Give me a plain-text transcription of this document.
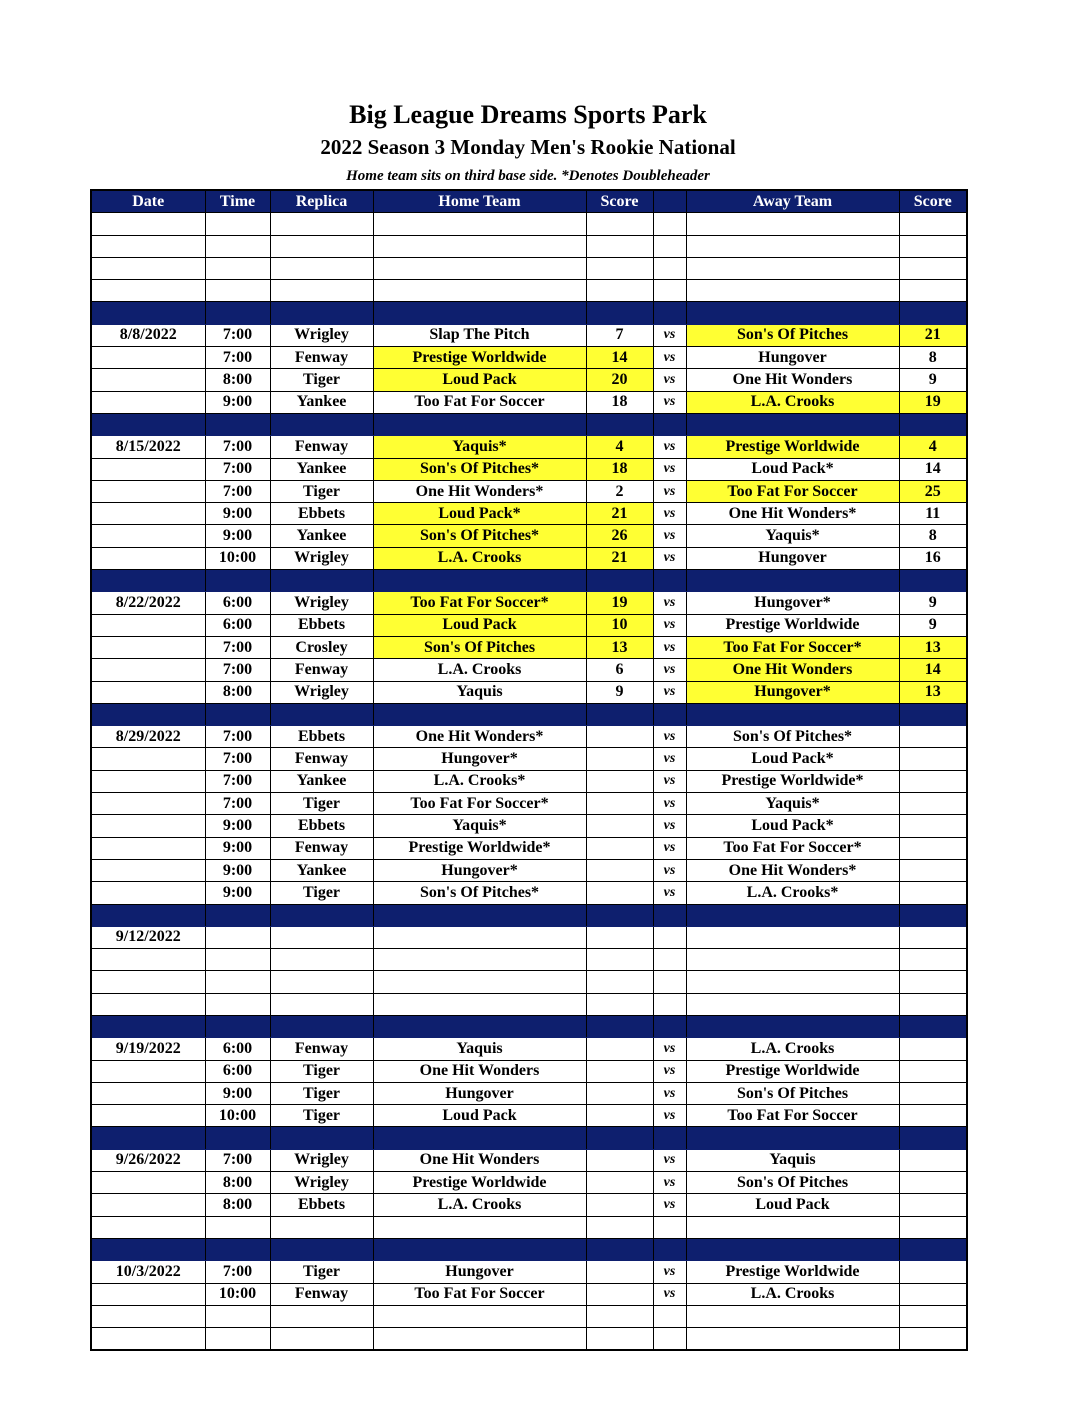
Big League Dreams Sports Park
2022 Season 3 Monday Men's Rookie National
Home team sits on third base side. *Denotes Doubleheader
Date	Time	Replica	Home Team	Score		Away Team	Score

8/8/2022	7:00	Wrigley	Slap The Pitch	7	vs	Son's Of Pitches	21
	7:00	Fenway	Prestige Worldwide	14	vs	Hungover	8
	8:00	Tiger	Loud Pack	20	vs	One Hit Wonders	9
	9:00	Yankee	Too Fat For Soccer	18	vs	L.A. Crooks	19

8/15/2022	7:00	Fenway	Yaquis*	4	vs	Prestige Worldwide	4
	7:00	Yankee	Son's Of Pitches*	18	vs	Loud Pack*	14
	7:00	Tiger	One Hit Wonders*	2	vs	Too Fat For Soccer	25
	9:00	Ebbets	Loud Pack*	21	vs	One Hit Wonders*	11
	9:00	Yankee	Son's Of Pitches*	26	vs	Yaquis*	8
	10:00	Wrigley	L.A. Crooks	21	vs	Hungover	16

8/22/2022	6:00	Wrigley	Too Fat For Soccer*	19	vs	Hungover*	9
	6:00	Ebbets	Loud Pack	10	vs	Prestige Worldwide	9
	7:00	Crosley	Son's Of Pitches	13	vs	Too Fat For Soccer*	13
	7:00	Fenway	L.A. Crooks	6	vs	One Hit Wonders	14
	8:00	Wrigley	Yaquis	9	vs	Hungover*	13

8/29/2022	7:00	Ebbets	One Hit Wonders*		vs	Son's Of Pitches*	
	7:00	Fenway	Hungover*		vs	Loud Pack*	
	7:00	Yankee	L.A. Crooks*		vs	Prestige Worldwide*	
	7:00	Tiger	Too Fat For Soccer*		vs	Yaquis*	
	9:00	Ebbets	Yaquis*		vs	Loud Pack*	
	9:00	Fenway	Prestige Worldwide*		vs	Too Fat For Soccer*	
	9:00	Yankee	Hungover*		vs	One Hit Wonders*	
	9:00	Tiger	Son's Of Pitches*		vs	L.A. Crooks*	

9/12/2022							

9/19/2022	6:00	Fenway	Yaquis		vs	L.A. Crooks	
	6:00	Tiger	One Hit Wonders		vs	Prestige Worldwide	
	9:00	Tiger	Hungover		vs	Son's Of Pitches	
	10:00	Tiger	Loud Pack		vs	Too Fat For Soccer	

9/26/2022	7:00	Wrigley	One Hit Wonders		vs	Yaquis	
	8:00	Wrigley	Prestige Worldwide		vs	Son's Of Pitches	
	8:00	Ebbets	L.A. Crooks		vs	Loud Pack	

10/3/2022	7:00	Tiger	Hungover		vs	Prestige Worldwide	
	10:00	Fenway	Too Fat For Soccer		vs	L.A. Crooks	
